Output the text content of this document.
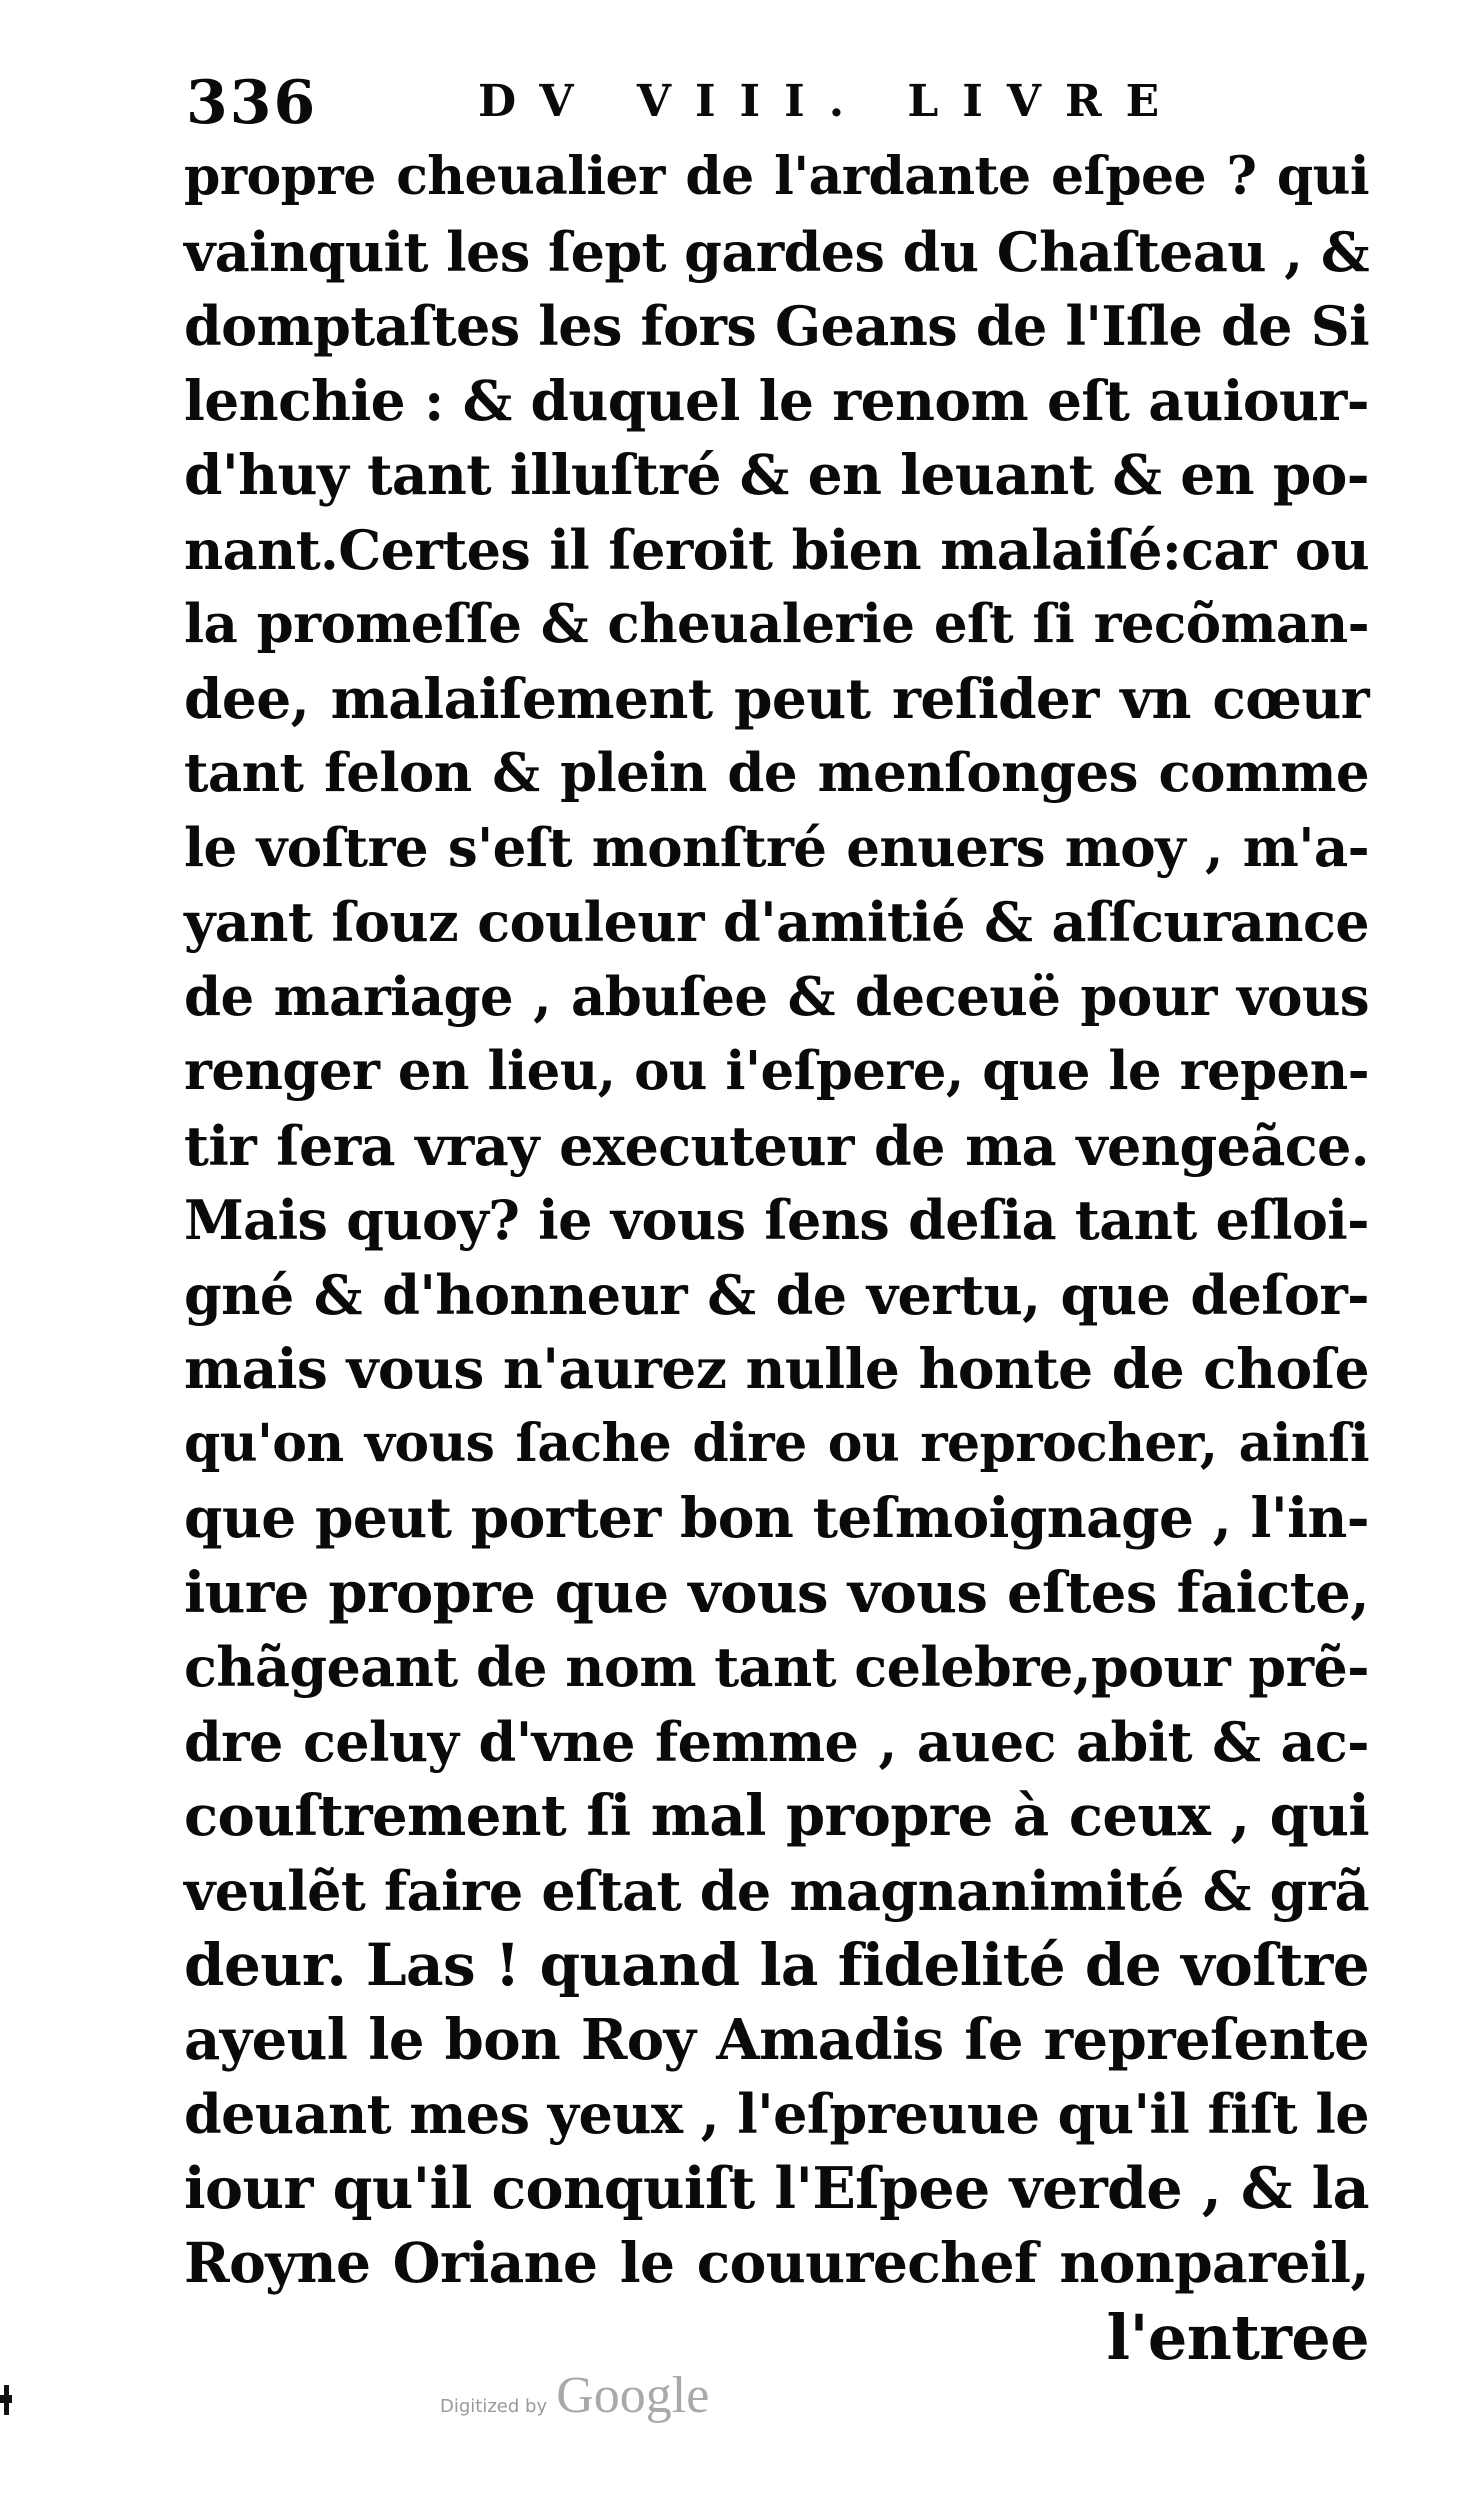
336	DV VIII. LIVRE
propre cheualier de l'ardante eſpee ? qui
vainquit les ſept gardes du Chaſteau , &
domptaſtes les fors Geans de l'Iſle de Si
lenchie : & duquel le renom eſt auiour-
d'huy tant illuſtré & en leuant & en po-
nant.Certes il ſeroit bien malaiſé:car ou
la promeſſe & cheualerie eſt ſi recõman-
dee, malaiſement peut reſider vn cœur
tant felon & plein de menſonges comme
le voſtre s'eſt monſtré enuers moy , m'a-
yant ſouz couleur d'amitié & aſſcurance
de mariage , abuſee & deceuë pour vous
renger en lieu, ou i'eſpere, que le repen-
tir ſera vray executeur de ma vengeãce.
Mais quoy? ie vous ſens deſia tant eſloi-
gné & d'honneur & de vertu, que deſor-
mais vous n'aurez nulle honte de choſe
qu'on vous ſache dire ou reprocher, ainſi
que peut porter bon teſmoignage , l'in-
iure propre que vous vous eſtes faicte,
chãgeant de nom tant celebre,pour prẽ-
dre celuy d'vne femme , auec abit & ac-
couſtrement ſi mal propre à ceux , qui
veulẽt faire eſtat de magnanimité & grã
deur. Las ! quand la fidelité de voſtre
ayeul le bon Roy Amadis ſe repreſente
deuant mes yeux , l'eſpreuue qu'il fiſt le
iour qu'il conquiſt l'Eſpee verde , & la
Royne Oriane le couurechef nonpareil,
l'entree
Digitized by Google
